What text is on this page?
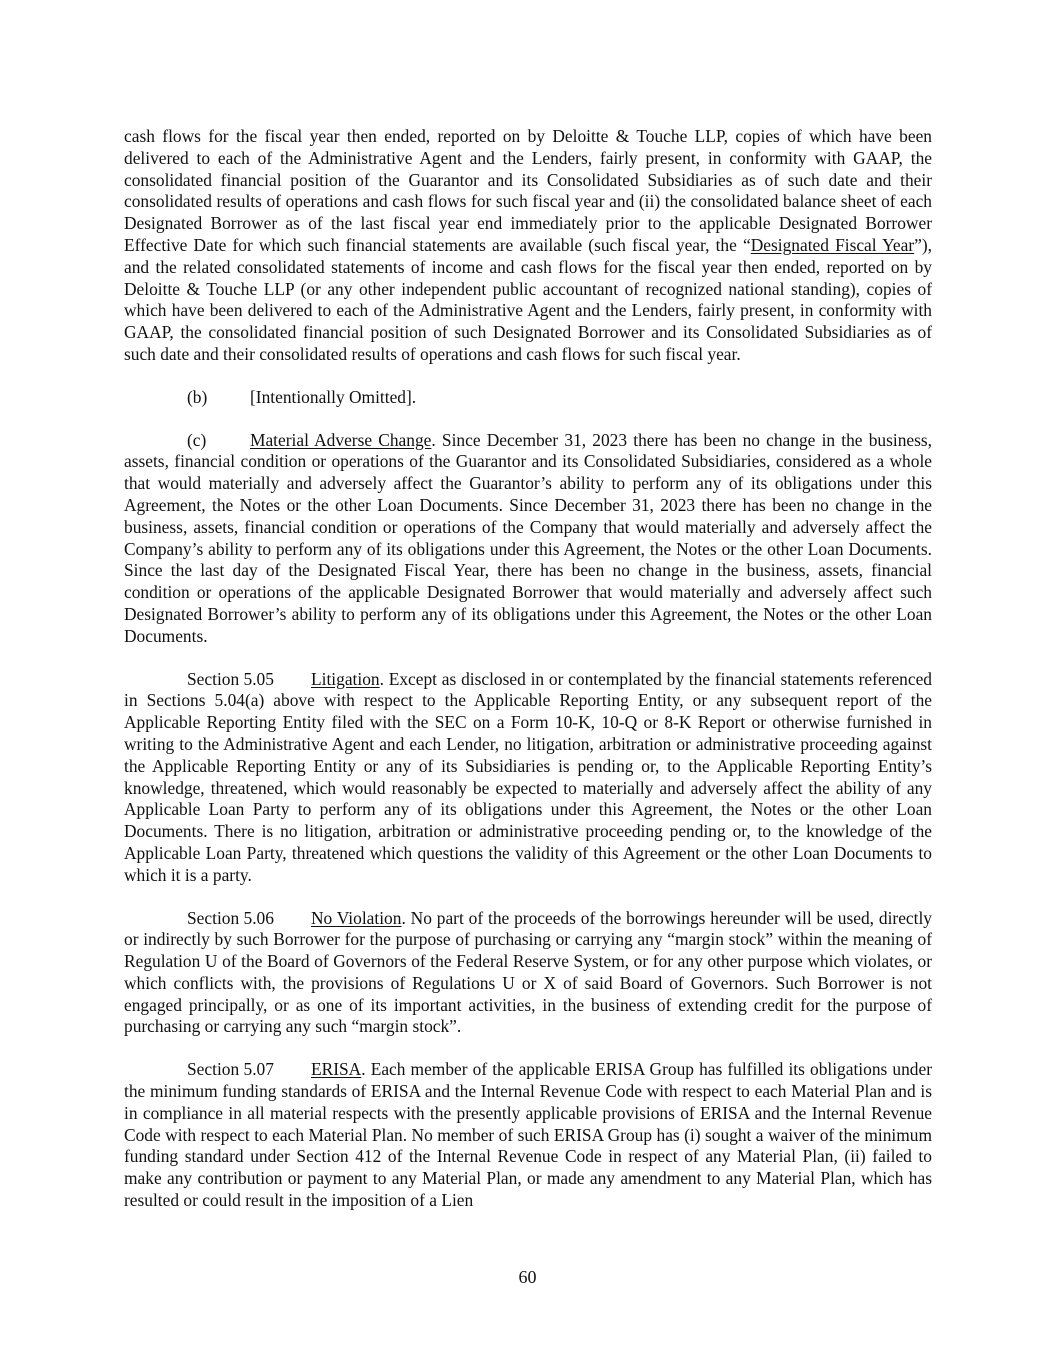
cash flows for the fiscal year then ended, reported on by Deloitte & Touche LLP, copies of which have been delivered to each of the Administrative Agent and the Lenders, fairly present, in conformity with GAAP, the consolidated financial position of the Guarantor and its Consolidated Subsidiaries as of such date and their consolidated results of operations and cash flows for such fiscal year and (ii) the consolidated balance sheet of each Designated Borrower as of the last fiscal year end immediately prior to the applicable Designated Borrower Effective Date for which such financial statements are available (such fiscal year, the “Designated Fiscal Year”), and the related consolidated statements of income and cash flows for the fiscal year then ended, reported on by Deloitte & Touche LLP (or any other independent public accountant of recognized national standing), copies of which have been delivered to each of the Administrative Agent and the Lenders, fairly present, in conformity with GAAP, the consolidated financial position of such Designated Borrower and its Consolidated Subsidiaries as of such date and their consolidated results of operations and cash flows for such fiscal year.

(b) [Intentionally Omitted].

(c)	Material Adverse Change. Since December 31, 2023 there has been no change in the business, assets, financial condition or operations of the Guarantor and its Consolidated Subsidiaries, considered as a whole that would materially and adversely affect the Guarantor’s ability to perform any of its obligations under this Agreement, the Notes or the other Loan Documents. Since December 31, 2023 there has been no change in the business, assets, financial condition or operations of the Company that would materially and adversely affect the Company’s ability to perform any of its obligations under this Agreement, the Notes or the other Loan Documents. Since the last day of the Designated Fiscal Year, there has been no change in the business, assets, financial condition or operations of the applicable Designated Borrower that would materially and adversely affect such Designated Borrower’s ability to perform any of its obligations under this Agreement, the Notes or the other Loan Documents.

Section 5.05 Litigation. Except as disclosed in or contemplated by the financial statements referenced in Sections 5.04(a) above with respect to the Applicable Reporting Entity, or any subsequent report of the Applicable Reporting Entity filed with the SEC on a Form 10-K, 10-Q or 8-K Report or otherwise furnished in writing to the Administrative Agent and each Lender, no litigation, arbitration or administrative proceeding against the Applicable Reporting Entity or any of its Subsidiaries is pending or, to the Applicable Reporting Entity’s knowledge, threatened, which would reasonably be expected to materially and adversely affect the ability of any Applicable Loan Party to perform any of its obligations under this Agreement, the Notes or the other Loan Documents. There is no litigation, arbitration or administrative proceeding pending or, to the knowledge of the Applicable Loan Party, threatened which questions the validity of this Agreement or the other Loan Documents to which it is a party.

Section 5.06 No Violation. No part of the proceeds of the borrowings hereunder will be used, directly or indirectly by such Borrower for the purpose of purchasing or carrying any “margin stock” within the meaning of Regulation U of the Board of Governors of the Federal Reserve System, or for any other purpose which violates, or which conflicts with, the provisions of Regulations U or X of said Board of Governors. Such Borrower is not engaged principally, or as one of its important activities, in the business of extending credit for the purpose of purchasing or carrying any such “margin stock”.

Section 5.07 ERISA. Each member of the applicable ERISA Group has fulfilled its obligations under the minimum funding standards of ERISA and the Internal Revenue Code with respect to each Material Plan and is in compliance in all material respects with the presently applicable provisions of ERISA and the Internal Revenue Code with respect to each Material Plan. No member of such ERISA Group has (i) sought a waiver of the minimum funding standard under Section 412 of the Internal Revenue Code in respect of any Material Plan, (ii) failed to make any contribution or payment to any Material Plan, or made any amendment to any Material Plan, which has resulted or could result in the imposition of a Lien

60
